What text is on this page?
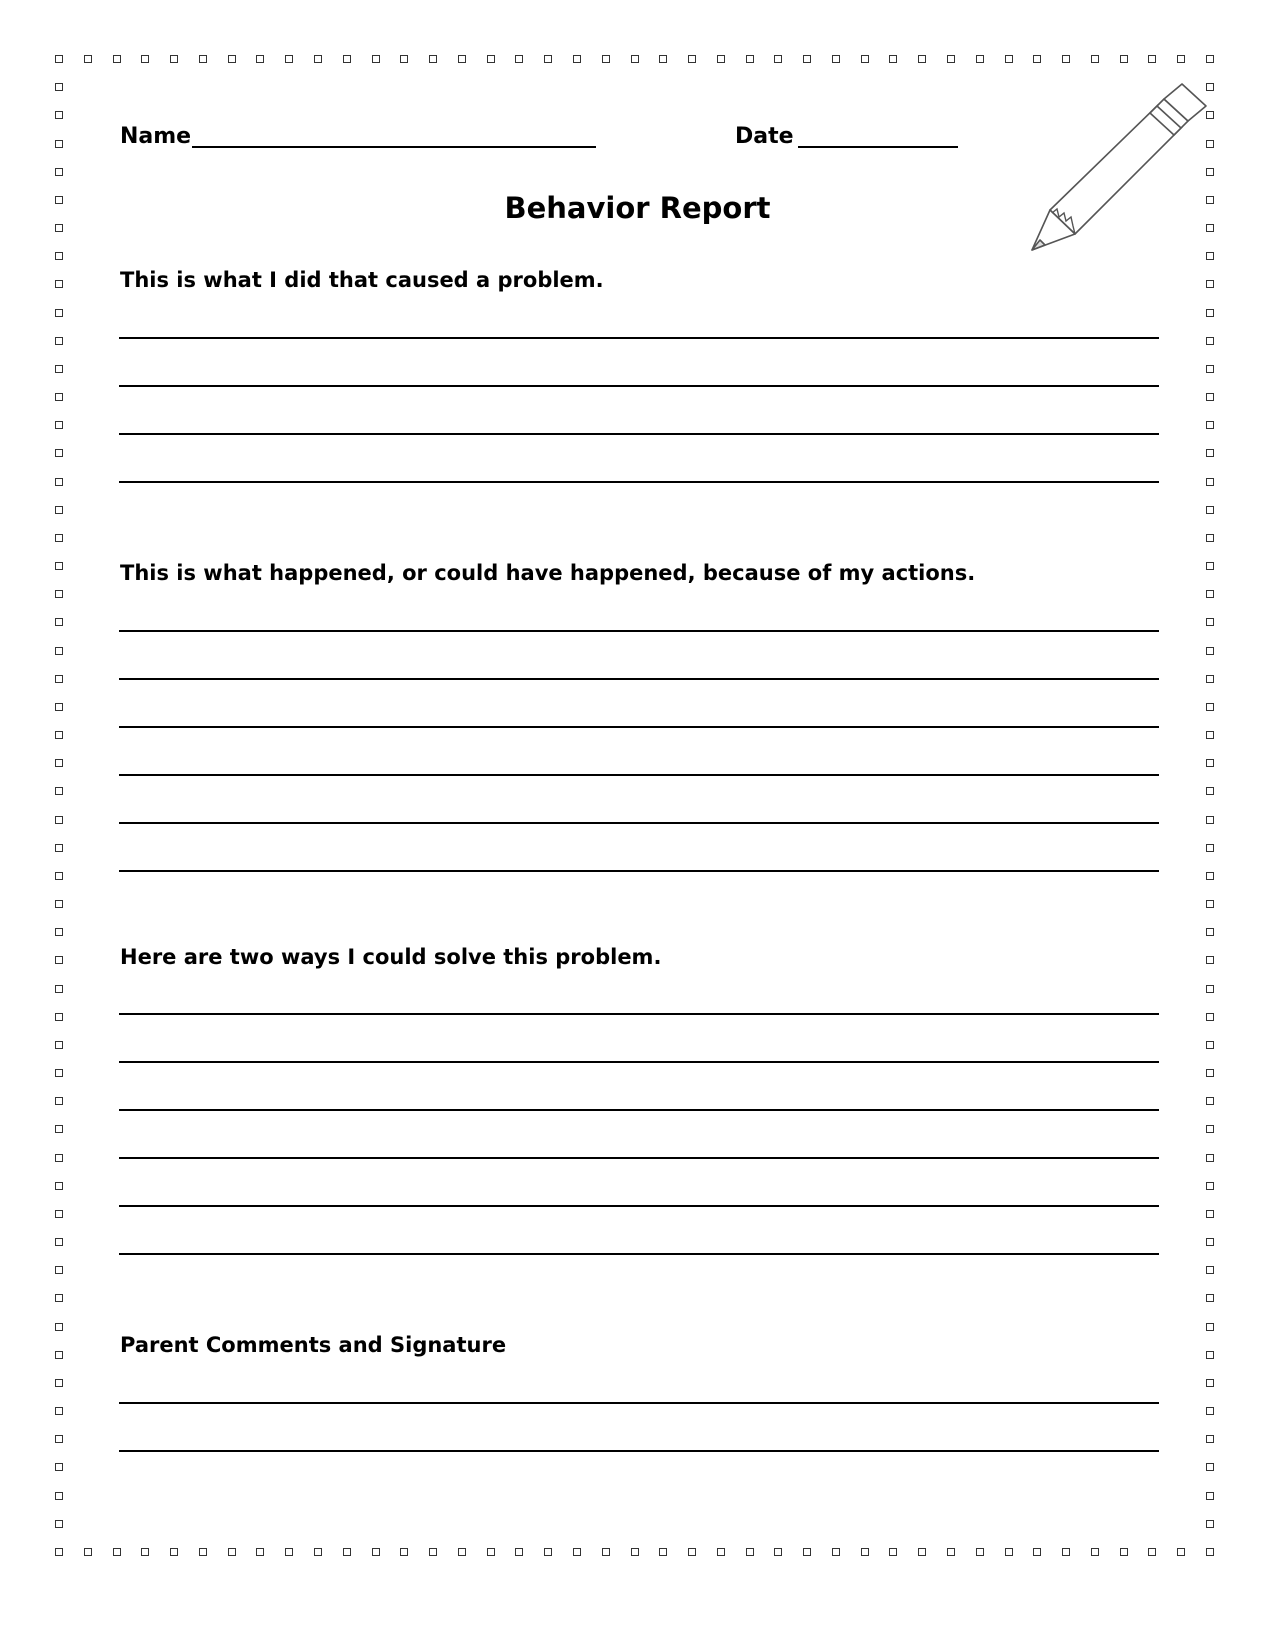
Name	Date
Behavior Report
This is what I did that caused a problem.
This is what happened, or could have happened, because of my actions.
Here are two ways I could solve this problem.
Parent Comments and Signature
